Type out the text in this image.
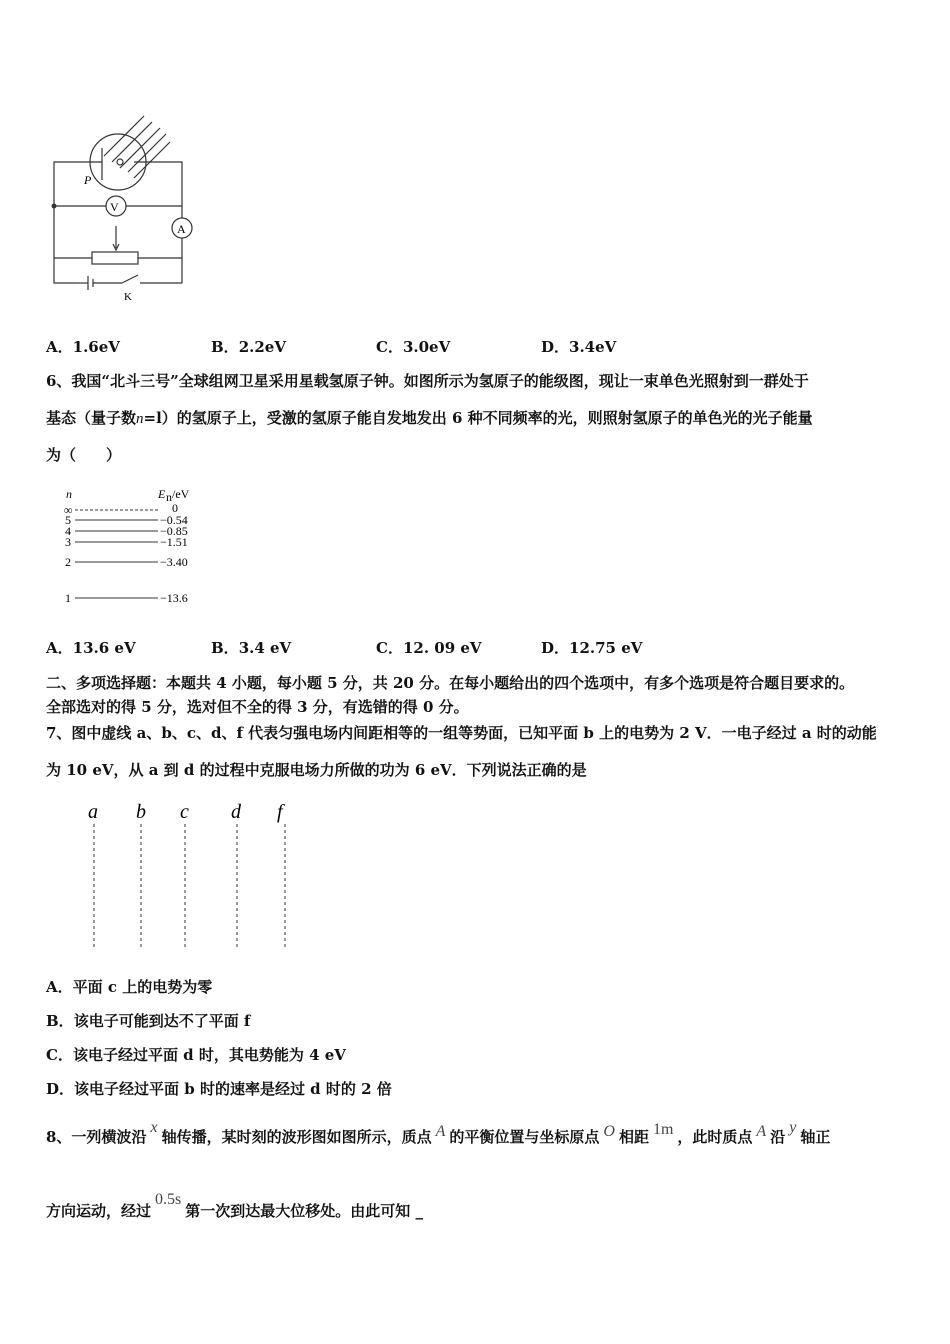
V
A
P
K
A．1.6eV	B．2.2eV	C．3.0eV	D．3.4eV
6、我国“北斗三号”全球组网卫星采用星载氢原子钟。如图所示为氢原子的能级图，现让一束单色光照射到一群处于
基态（量子数n=l）的氢原子上，受激的氢原子能自发地发出 6 种不同频率的光，则照射氢原子的单色光的光子能量
为（　　）
n	E n /eV
∞	0
5	−0.54
4	−0.85
3	−1.51
2	−3.40
1	−13.6
A．13.6 eV	B．3.4 eV	C．12. 09 eV	D．12.75 eV
二、多项选择题：本题共 4 小题，每小题 5 分，共 20 分。在每小题给出的四个选项中，有多个选项是符合题目要求的。
全部选对的得 5 分，选对但不全的得 3 分，有选错的得 0 分。
7、图中虚线 a、b、c、d、f 代表匀强电场内间距相等的一组等势面，已知平面 b 上的电势为 2 V．一电子经过 a 时的动能
为 10 eV，从 a 到 d 的过程中克服电场力所做的功为 6 eV．下列说法正确的是
a b c d f
A．平面 c 上的电势为零
B．该电子可能到达不了平面 f
C．该电子经过平面 d 时，其电势能为 4 eV
D．该电子经过平面 b 时的速率是经过 d 时的 2 倍
8、一列横波沿x轴传播，某时刻的波形图如图所示，质点 A 的平衡位置与坐标原点 O 相距 1m ，此时质点 A 沿y轴正
方向运动，经过0.5s第一次到达最大位移处。由此可知 _
